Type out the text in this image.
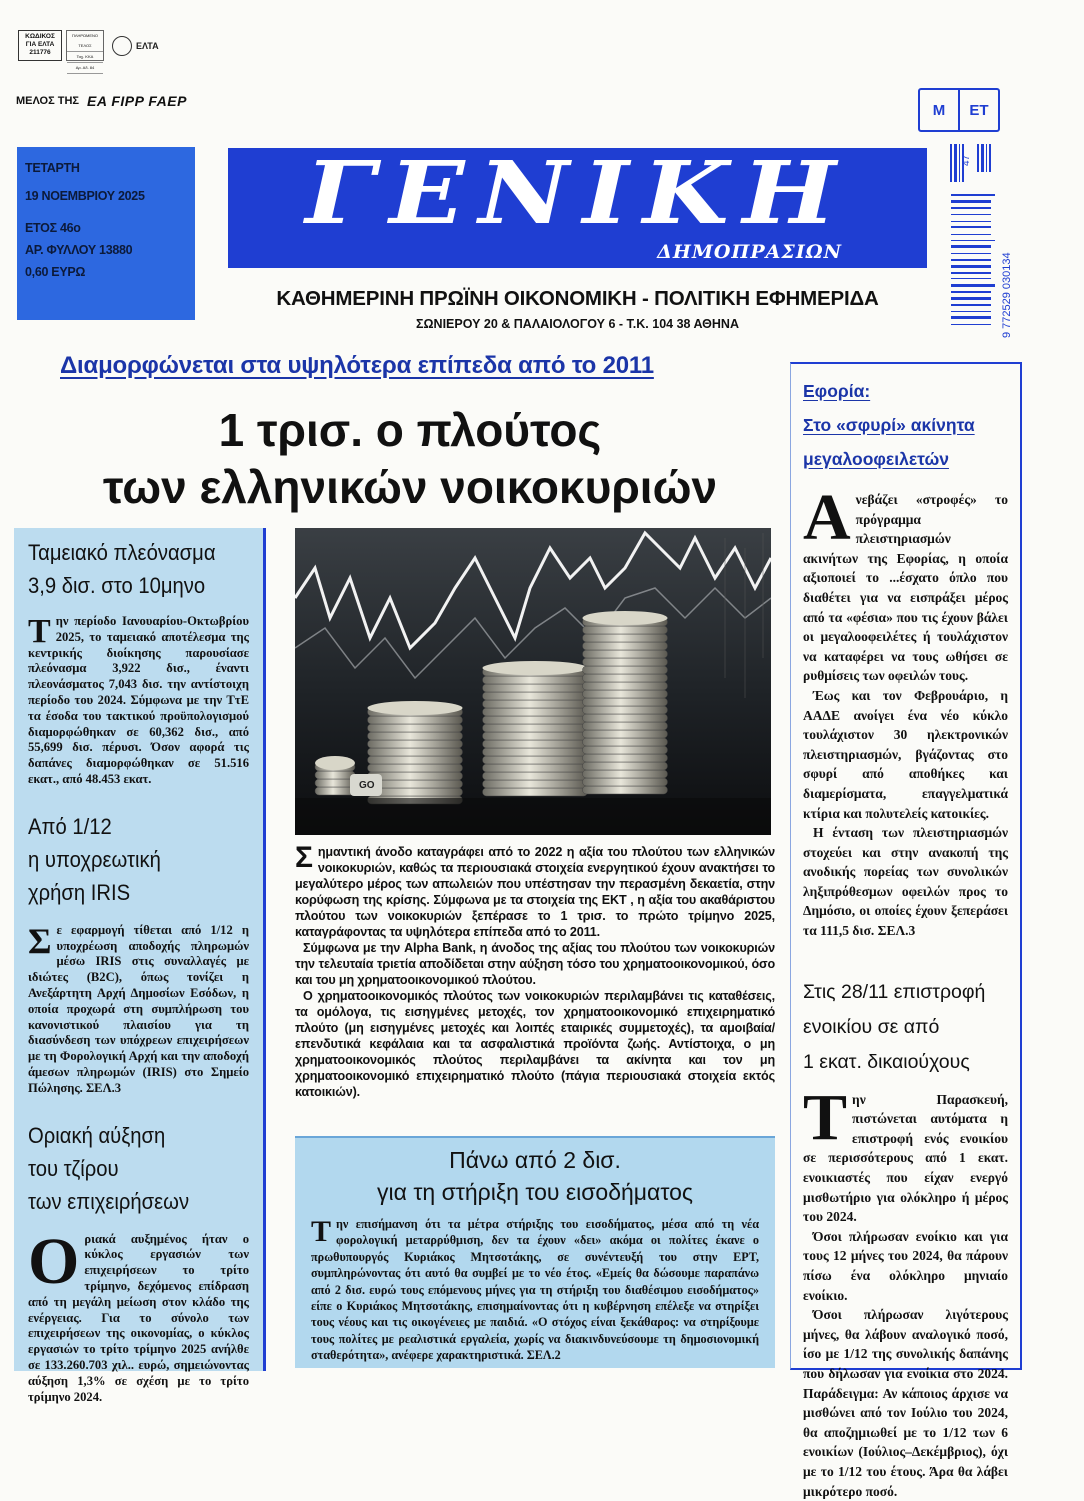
ΚΩΔΙΚΟΣ
ΓΙΑ ΕΛΤΑ
211776
ΠΛΗΡΩΜΕΝΟ ΤΕΛΟΣ
Ταχ. ΚΚΑ
Αρ. Αδ. 84
ΕΛΤΑ
ΜΕΛΟΣ ΤΗΣ ΕΑ FIPP FAEP
ΤΕΤΑΡΤΗ
19 ΝΟΕΜΒΡΙΟΥ 2025
ΕΤΟΣ 46ο
ΑΡ. ΦΥΛΛΟΥ 13880
0,60 ΕΥΡΩ
ΓΕΝΙΚΗ
ΔΗΜΟΠΡΑΣΙΩΝ
ΚΑΘΗΜΕΡΙΝΗ ΠΡΩΪΝΗ ΟΙΚΟΝΟΜΙΚΗ - ΠΟΛΙΤΙΚΗ ΕΦΗΜΕΡΙΔΑ
ΣΩΝΙΕΡΟΥ 20 & ΠΑΛΑΙΟΛΟΓΟΥ 6 - Τ.Κ. 104 38 ΑΘΗΝΑ
Μ	ΕΤ
47
9 772529 030134
Διαμορφώνεται στα υψηλότερα επίπεδα από το 2011
1 τρισ. ο πλούτος
των ελληνικών νοικοκυριών
Ταμειακό πλεόνασμα
3,9 δισ. στο 10μηνο
Την περίοδο Ιανουαρίου-Οκτωβρίου 2025, το ταμειακό αποτέλεσμα της κεντρικής διοίκησης παρουσίασε πλεόνασμα 3,922 δισ., έναντι πλεονάσματος 7,043 δισ. την αντίστοιχη περίοδο του 2024. Σύμφωνα με την ΤτΕ τα έσοδα του τακτικού προϋπολογισμού διαμορφώθηκαν σε 60,362 δισ., από 55,699 δισ. πέρυσι. Όσον αφορά τις δαπάνες διαμορφώθηκαν σε 51.516 εκατ., από 48.453 εκατ.
Από 1/12
η υποχρεωτική
χρήση IRIS
Σε εφαρμογή τίθεται από 1/12 η υποχρέωση αποδοχής πληρωμών μέσω IRIS στις συναλλαγές με ιδιώτες (B2C), όπως τονίζει η Ανεξάρτητη Αρχή Δημοσίων Εσόδων, η οποία προχωρά στη συμπλήρωση του κανονιστικού πλαισίου για τη διασύνδεση των υπόχρεων επιχειρήσεων με τη Φορολογική Αρχή και την αποδοχή άμεσων πληρωμών (IRIS) στο Σημείο Πώλησης. ΣΕΛ.3
Οριακή αύξηση
του τζίρου
των επιχειρήσεων
Οριακά αυξημένος ήταν ο κύκλος εργασιών των επιχειρήσεων το τρίτο τρίμηνο, δεχόμενος επίδραση από τη μεγάλη μείωση στον κλάδο της ενέργειας. Για το σύνολο των επιχειρήσεων της οικονομίας, ο κύκλος εργασιών το τρίτο τρίμηνο 2025 ανήλθε σε 133.260.703 χιλ.. ευρώ, σημειώνοντας αύξηση 1,3% σε σχέση με το τρίτο τρίμηνο 2024.
GO

Σημαντική άνοδο καταγράφει από το 2022 η αξία του πλούτου των ελληνικών νοικοκυριών, καθώς τα περιουσιακά στοιχεία ενεργητικού έχουν ανακτήσει το μεγαλύτερο μέρος των απωλειών που υπέστησαν την περασμένη δεκαετία, στην κορύφωση της κρίσης. Σύμφωνα με τα στοιχεία της ΕΚΤ , η αξία του ακαθάριστου πλούτου των νοικοκυριών ξεπέρασε το 1 τρισ. το πρώτο τρίμηνο 2025, καταγράφοντας τα υψηλότερα επίπεδα από το 2011.

Σύμφωνα με την Alpha Bank, η άνοδος της αξίας του πλούτου των νοικοκυριών την τελευταία τριετία αποδίδεται στην αύξηση τόσο του χρηματοοικονομικού, όσο και του μη χρηματοοικονομικού πλούτου.

Ο χρηματοοικονομικός πλούτος των νοικοκυριών περιλαμβάνει τις καταθέσεις, τα ομόλογα, τις εισηγμένες μετοχές, τον χρηματοοικονομικό επιχειρηματικό πλούτο (μη εισηγμένες μετοχές και λοιπές εταιρικές συμμετοχές), τα αμοιβαία/επενδυτικά κεφάλαια και τα ασφαλιστικά προϊόντα ζωής. Αντίστοιχα, ο μη χρηματοοικονομικός πλούτος περιλαμβάνει τα ακίνητα και τον μη χρηματοοικονομικό επιχειρηματικό πλούτο (πάγια περιουσιακά στοιχεία εκτός κατοικιών).

Πάνω από 2 δισ.
για τη στήριξη του εισοδήματος
Την επισήμανση ότι τα μέτρα στήριξης του εισοδήματος, μέσα από τη νέα φορολογική μεταρρύθμιση, δεν τα έχουν «δει» ακόμα οι πολίτες έκανε ο πρωθυπουργός Κυριάκος Μητσοτάκης, σε συνέντευξή του στην ΕΡΤ, συμπληρώνοντας ότι αυτό θα συμβεί με το νέο έτος. «Εμείς θα δώσουμε παραπάνω από 2 δισ. ευρώ τους επόμενους μήνες για τη στήριξη του διαθέσιμου εισοδήματος» είπε ο Κυριάκος Μητσοτάκης, επισημαίνοντας ότι η κυβέρνηση επέλεξε να στηρίξει τους νέους και τις οικογένειες με παιδιά. «Ο στόχος είναι ξεκάθαρος: να στηρίξουμε τους πολίτες με ρεαλιστικά εργαλεία, χωρίς να διακινδυνεύσουμε τη δημοσιονομική σταθερότητα», ανέφερε χαρακτηριστικά. ΣΕΛ.2
Εφορία:
Στο «σφυρί» ακίνητα
μεγαλοοφειλετών

Ανεβάζει «στροφές» το πρόγραμμα πλειστηριασμών ακινήτων της Εφορίας, η οποία αξιοποιεί το ...έσχατο όπλο που διαθέτει για να εισπράξει μέρος από τα «φέσια» που τις έχουν βάλει οι μεγαλοοφειλέτες ή τουλάχιστον να καταφέρει να τους ωθήσει σε ρυθμίσεις των οφειλών τους.

Έως και τον Φεβρουάριο, η ΑΑΔΕ ανοίγει ένα νέο κύκλο τουλάχιστον 30 ηλεκτρονικών πλειστηριασμών, βγάζοντας στο σφυρί από αποθήκες και διαμερίσματα, επαγγελματικά κτίρια και πολυτελείς κατοικίες.

Η ένταση των πλειστηριασμών στοχεύει και στην ανακοπή της ανοδικής πορείας των συνολικών ληξιπρόθεσμων οφειλών προς το Δημόσιο, οι οποίες έχουν ξεπεράσει τα 111,5 δισ. ΣΕΛ.3

Στις 28/11 επιστροφή
ενοικίου σε από
1 εκατ. δικαιούχους

Την Παρασκευή, πιστώνεται αυτόματα η επιστροφή ενός ενοικίου σε περισσότερους από 1 εκατ. ενοικιαστές που είχαν ενεργό μισθωτήριο για ολόκληρο ή μέρος του 2024.

Όσοι πλήρωσαν ενοίκιο και για τους 12 μήνες του 2024, θα πάρουν πίσω ένα ολόκληρο μηνιαίο ενοίκιο.

Όσοι πλήρωσαν λιγότερους μήνες, θα λάβουν αναλογικό ποσό, ίσο με 1/12 της συνολικής δαπάνης που δήλωσαν για ενοίκια στο 2024. Παράδειγμα: Αν κάποιος άρχισε να μισθώνει από τον Ιούλιο του 2024, θα αποζημιωθεί με το 1/12 των 6 ενοικίων (Ιούλιος–Δεκέμβριος), όχι με το 1/12 του έτους. Άρα θα λάβει μικρότερο ποσό.
